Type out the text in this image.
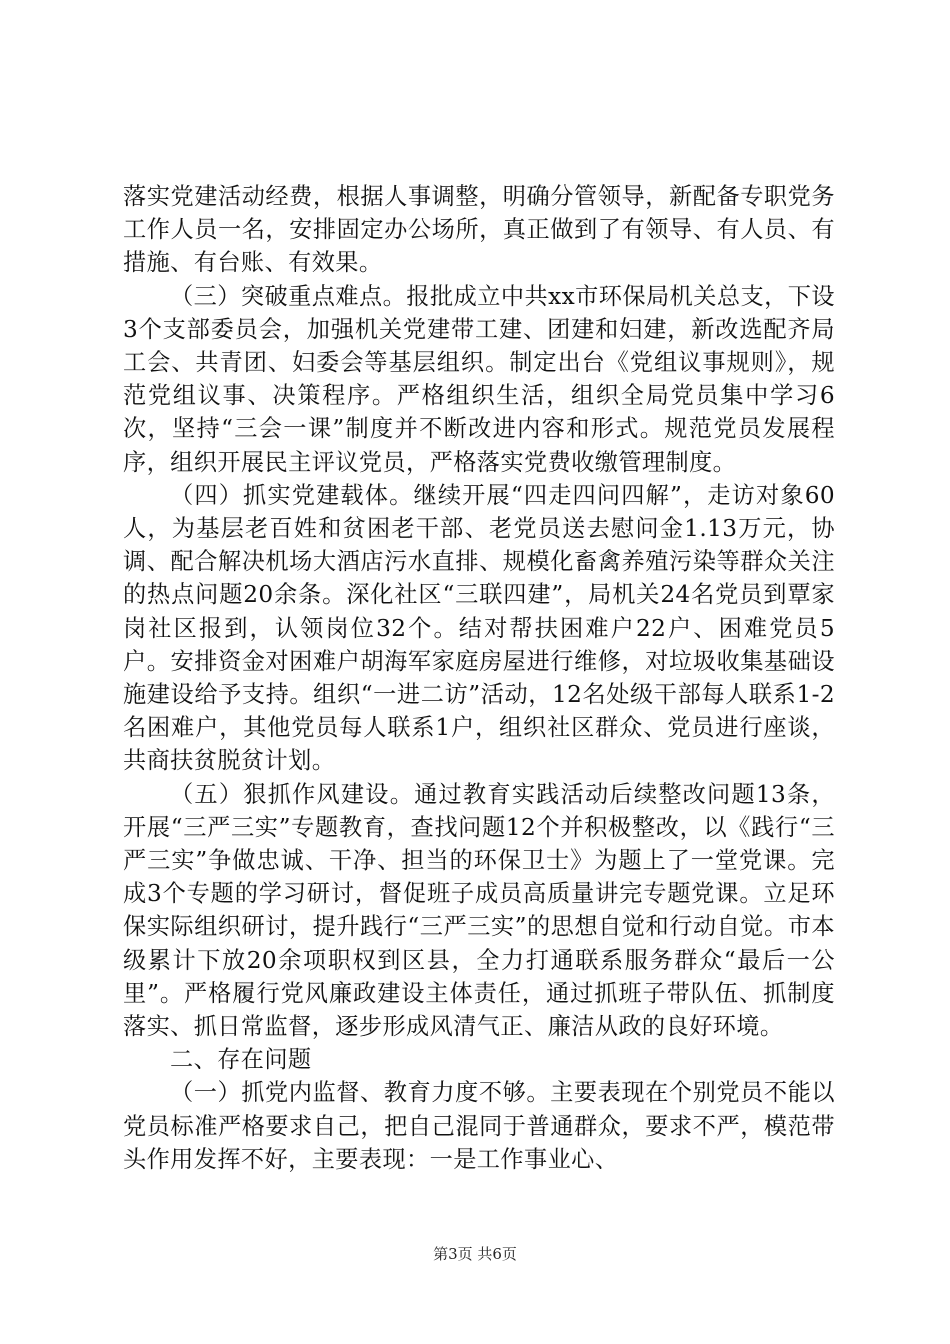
落实党建活动经费，根据人事调整，明确分管领导，新配备专职党务工作人员一名，安排固定办公场所，真正做到了有领导、有人员、有措施、有台账、有效果。

（三）突破重点难点。报批成立中共xx市环保局机关总支，下设3个支部委员会，加强机关党建带工建、团建和妇建，新改选配齐局工会、共青团、妇委会等基层组织。制定出台《党组议事规则》，规范党组议事、决策程序。严格组织生活，组织全局党员集中学习6次，坚持“三会一课”制度并不断改进内容和形式。规范党员发展程序，组织开展民主评议党员，严格落实党费收缴管理制度。

（四）抓实党建载体。继续开展“四走四问四解”，走访对象60人，为基层老百姓和贫困老干部、老党员送去慰问金1.13万元，协调、配合解决机场大酒店污水直排、规模化畜禽养殖污染等群众关注的热点问题20余条。深化社区“三联四建”，局机关24名党员到覃家岗社区报到，认领岗位32个。结对帮扶困难户22户、困难党员5户。安排资金对困难户胡海军家庭房屋进行维修，对垃圾收集基础设施建设给予支持。组织“一进二访”活动，12名处级干部每人联系1-2名困难户，其他党员每人联系1户，组织社区群众、党员进行座谈，共商扶贫脱贫计划。

（五）狠抓作风建设。通过教育实践活动后续整改问题13条，开展“三严三实”专题教育，查找问题12个并积极整改，以《践行“三严三实”争做忠诚、干净、担当的环保卫士》为题上了一堂党课。完成3个专题的学习研讨，督促班子成员高质量讲完专题党课。立足环保实际组织研讨，提升践行“三严三实”的思想自觉和行动自觉。市本级累计下放20余项职权到区县，全力打通联系服务群众“最后一公里”。严格履行党风廉政建设主体责任，通过抓班子带队伍、抓制度落实、抓日常监督，逐步形成风清气正、廉洁从政的良好环境。

二、存在问题

（一）抓党内监督、教育力度不够。主要表现在个别党员不能以党员标准严格要求自己，把自己混同于普通群众，要求不严，模范带头作用发挥不好，主要表现：一是工作事业心、

第3页 共6页
